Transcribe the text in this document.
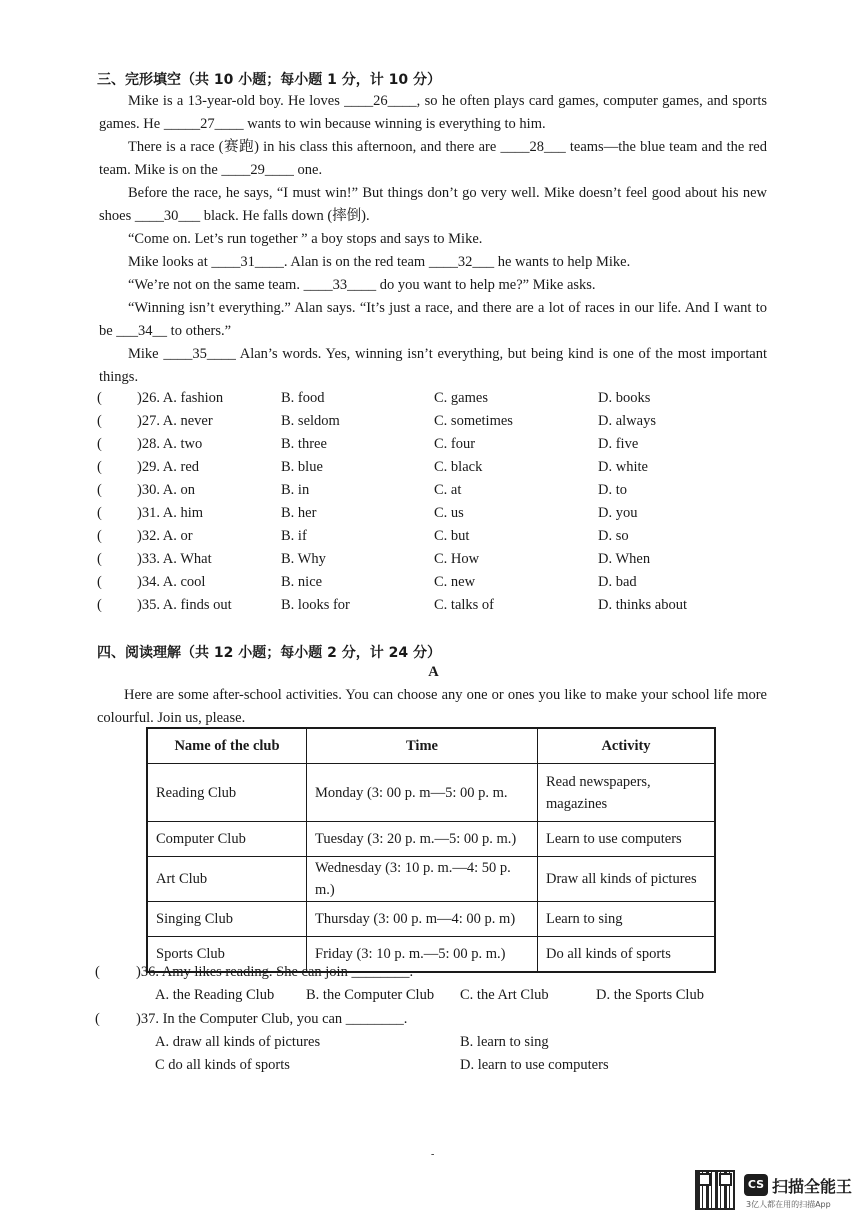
三、完形填空（共 10 小题；每小题 1 分，计 10 分）

Mike is a 13-year-old boy. He loves ____26____, so he often plays card games, computer games, and sports games. He _____27____ wants to win because winning is everything to him.

There is a race (赛跑) in his class this afternoon, and there are ____28___ teams—the blue team and the red team. Mike is on the ____29____ one.

Before the race, he says, “I must win!” But things don’t go very well. Mike doesn’t feel good about his new shoes ____30___ black. He falls down (摔倒).

“Come on. Let’s run together ” a boy stops and says to Mike.

Mike looks at ____31____. Alan is on the red team ____32___ he wants to help Mike.

“We’re not on the same team. ____33____ do you want to help me?” Mike asks.

“Winning isn’t everything.” Alan says. “It’s just a race, and there are a lot of races in our life. And I want to be ___34__ to others.”

Mike ____35____ Alan’s words. Yes, winning isn’t everything, but being kind is one of the most important things.

( )26. A. fashion	B. food	C. games	D. books
( )27. A. never	B. seldom	C. sometimes	D. always
( )28. A. two	B. three	C. four	D. five
( )29. A. red	B. blue	C. black	D. white
( )30. A. on	B. in	C. at	D. to
( )31. A. him	B. her	C. us	D. you
( )32. A. or	B. if	C. but	D. so
( )33. A. What	B. Why	C. How	D. When
( )34. A. cool	B. nice	C. new	D. bad
( )35. A. finds out	B. looks for	C. talks of	D. thinks about
四、阅读理解（共 12 小题；每小题 2 分，计 24 分）
A

Here are some after-school activities. You can choose any one or ones you like to make your school life more colourful. Join us, please.

Name of the club	Time	Activity
Reading Club	Monday (3: 00 p. m—5: 00 p. m.	Read newspapers, magazines
Computer Club	Tuesday (3: 20 p. m.—5: 00 p. m.)	Learn to use computers
Art Club	Wednesday (3: 10 p. m.—4: 50 p. m.)	Draw all kinds of pictures
Singing Club	Thursday (3: 00 p. m—4: 00 p. m)	Learn to sing
Sports Club	Friday (3: 10 p. m.—5: 00 p. m.)	Do all kinds of sports
( )36. Amy likes reading. She can join ________.
A. the Reading Club B. the Computer Club C. the Art Club	D. the Sports Club
( )37. In the Computer Club, you can ________.
A. draw all kinds of pictures	B. learn to sing
C do all kinds of sports	D. learn to use computers
-
CS 扫描全能王
3亿人都在用的扫描App
